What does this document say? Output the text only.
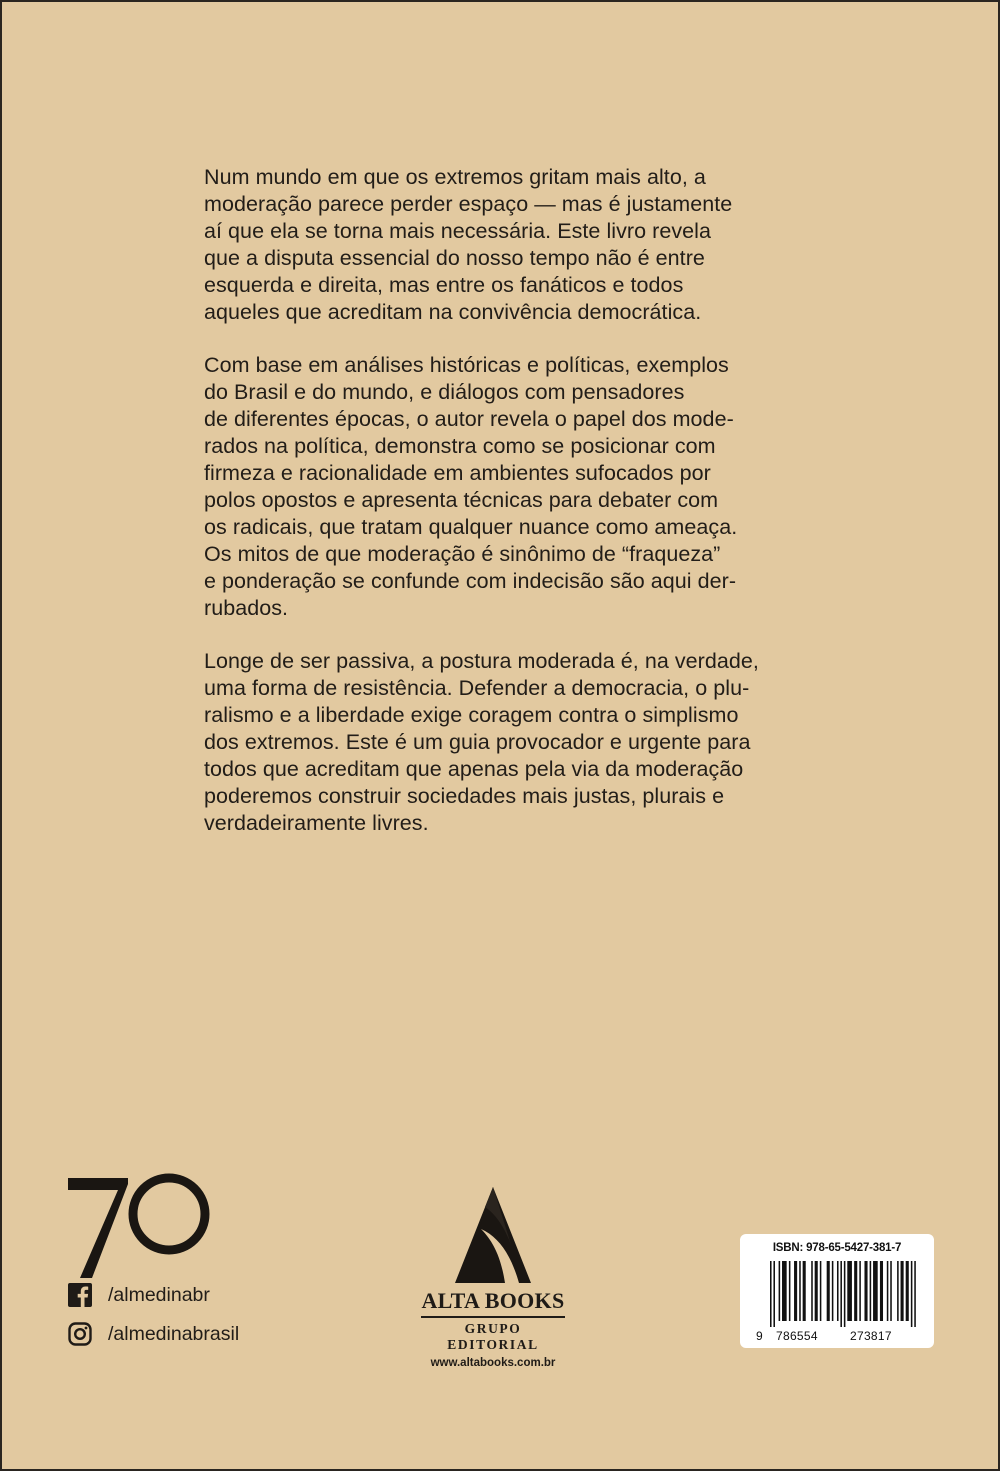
Num mundo em que os extremos gritam mais alto, a
moderação parece perder espaço — mas é justamente
aí que ela se torna mais necessária. Este livro revela
que a disputa essencial do nosso tempo não é entre
esquerda e direita, mas entre os fanáticos e todos
aqueles que acreditam na convivência democrática.

Com base em análises históricas e políticas, exemplos
do Brasil e do mundo, e diálogos com pensadores
de diferentes épocas, o autor revela o papel dos mode-
rados na política, demonstra como se posicionar com
firmeza e racionalidade em ambientes sufocados por
polos opostos e apresenta técnicas para debater com
os radicais, que tratam qualquer nuance como ameaça.
Os mitos de que moderação é sinônimo de “fraqueza”
e ponderação se confunde com indecisão são aqui der-
rubados.

Longe de ser passiva, a postura moderada é, na verdade,
uma forma de resistência. Defender a democracia, o plu-
ralismo e a liberdade exige coragem contra o simplismo
dos extremos. Este é um guia provocador e urgente para
todos que acreditam que apenas pela via da moderação
poderemos construir sociedades mais justas, plurais e
verdadeiramente livres.

/almedinabr
/almedinabrasil
ALTA BOOKS
GRUPO EDITORIAL
www.altabooks.com.br
ISBN: 978-65-5427-381-7
9 786554	273817
